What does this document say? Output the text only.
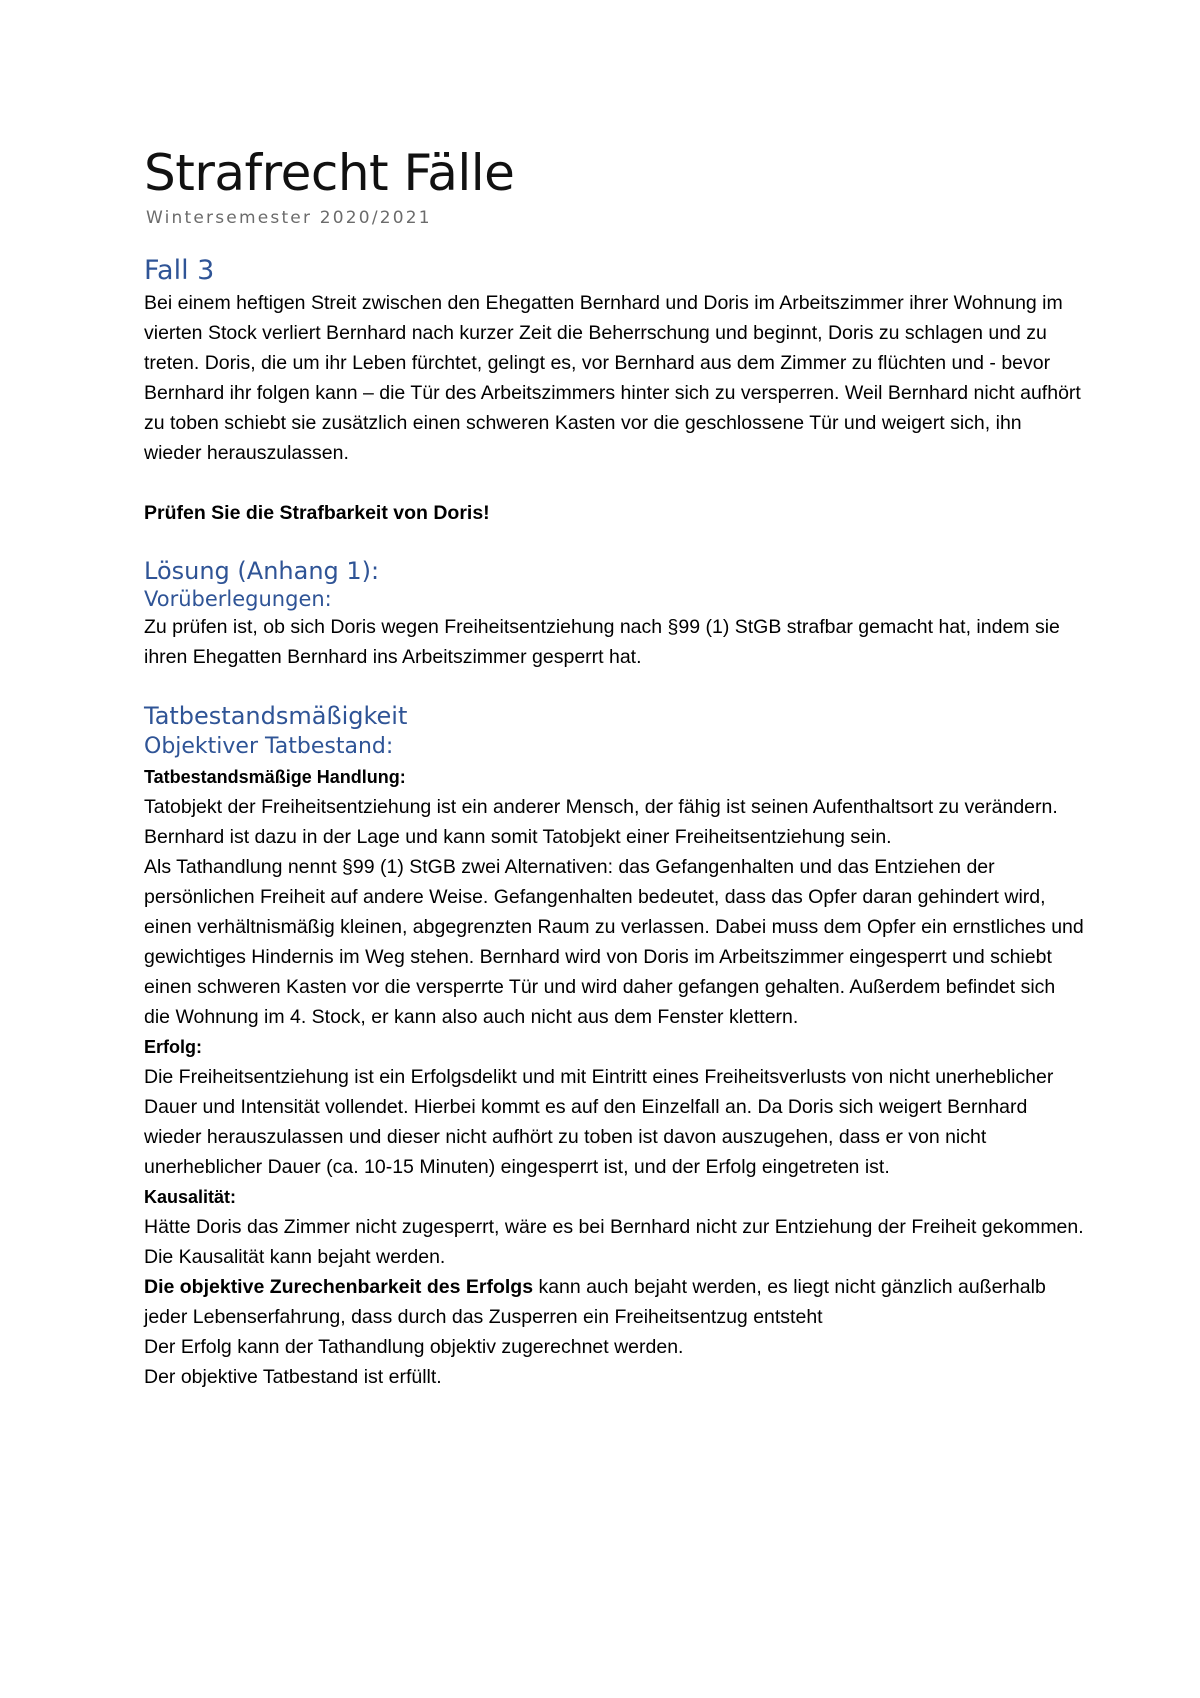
Strafrecht Fälle
Wintersemester 2020/2021
Fall 3

Bei einem heftigen Streit zwischen den Ehegatten Bernhard und Doris im Arbeitszimmer ihrer Wohnung im vierten Stock verliert Bernhard nach kurzer Zeit die Beherrschung und beginnt, Doris zu schlagen und zu treten. Doris, die um ihr Leben fürchtet, gelingt es, vor Bernhard aus dem Zimmer zu flüchten und - bevor Bernhard ihr folgen kann – die Tür des Arbeitszimmers hinter sich zu versperren. Weil Bernhard nicht aufhört zu toben schiebt sie zusätzlich einen schweren Kasten vor die geschlossene Tür und weigert sich, ihn wieder herauszulassen.

Prüfen Sie die Strafbarkeit von Doris!

Lösung (Anhang 1):
Vorüberlegungen:

Zu prüfen ist, ob sich Doris wegen Freiheitsentziehung nach §99 (1) StGB strafbar gemacht hat, indem sie ihren Ehegatten Bernhard ins Arbeitszimmer gesperrt hat.

Tatbestandsmäßigkeit
Objektiver Tatbestand:

Tatbestandsmäßige Handlung:

Tatobjekt der Freiheitsentziehung ist ein anderer Mensch, der fähig ist seinen Aufenthaltsort zu verändern. Bernhard ist dazu in der Lage und kann somit Tatobjekt einer Freiheitsentziehung sein.

Als Tathandlung nennt §99 (1) StGB zwei Alternativen: das Gefangenhalten und das Entziehen der persönlichen Freiheit auf andere Weise. Gefangenhalten bedeutet, dass das Opfer daran gehindert wird, einen verhältnismäßig kleinen, abgegrenzten Raum zu verlassen. Dabei muss dem Opfer ein ernstliches und gewichtiges Hindernis im Weg stehen. Bernhard wird von Doris im Arbeitszimmer eingesperrt und schiebt einen schweren Kasten vor die versperrte Tür und wird daher gefangen gehalten. Außerdem befindet sich die Wohnung im 4. Stock, er kann also auch nicht aus dem Fenster klettern.

Erfolg:

Die Freiheitsentziehung ist ein Erfolgsdelikt und mit Eintritt eines Freiheitsverlusts von nicht unerheblicher Dauer und Intensität vollendet. Hierbei kommt es auf den Einzelfall an. Da Doris sich weigert Bernhard wieder herauszulassen und dieser nicht aufhört zu toben ist davon auszugehen, dass er von nicht unerheblicher Dauer (ca. 10-15 Minuten) eingesperrt ist, und der Erfolg eingetreten ist.

Kausalität:

Hätte Doris das Zimmer nicht zugesperrt, wäre es bei Bernhard nicht zur Entziehung der Freiheit gekommen. Die Kausalität kann bejaht werden.

Die objektive Zurechenbarkeit des Erfolgs kann auch bejaht werden, es liegt nicht gänzlich außerhalb jeder Lebenserfahrung, dass durch das Zusperren ein Freiheitsentzug entsteht

Der Erfolg kann der Tathandlung objektiv zugerechnet werden.

Der objektive Tatbestand ist erfüllt.
